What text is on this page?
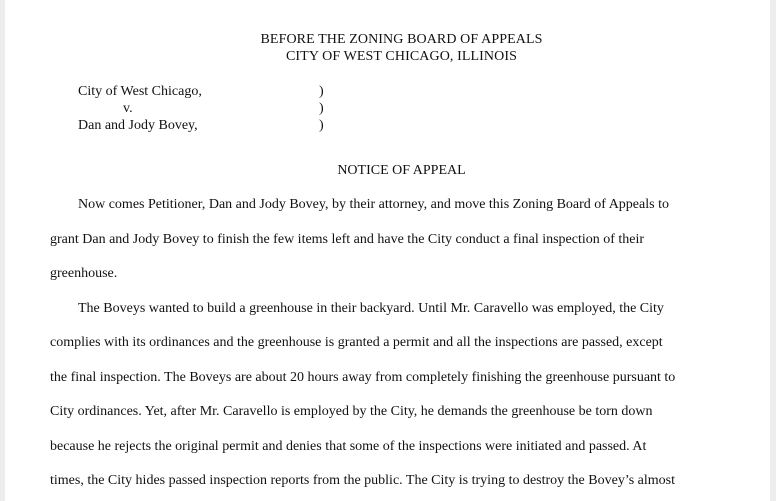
BEFORE THE ZONING BOARD OF APPEALS
CITY OF WEST CHICAGO, ILLINOIS
City of West Chicago,
v.
Dan and Jody Bovey,
)
)
)
NOTICE OF APPEAL
Now comes Petitioner, Dan and Jody Bovey, by their attorney, and move this Zoning Board of Appeals to
grant Dan and Jody Bovey to finish the few items left and have the City conduct a final inspection of their
greenhouse.
The Boveys wanted to build a greenhouse in their backyard. Until Mr. Caravello was employed, the City
complies with its ordinances and the greenhouse is granted a permit and all the inspections are passed, except
the final inspection. The Boveys are about 20 hours away from completely finishing the greenhouse pursuant to
City ordinances. Yet, after Mr. Caravello is employed by the City, he demands the greenhouse be torn down
because he rejects the original permit and denies that some of the inspections were initiated and passed. At
times, the City hides passed inspection reports from the public. The City is trying to destroy the Bovey’s almost
